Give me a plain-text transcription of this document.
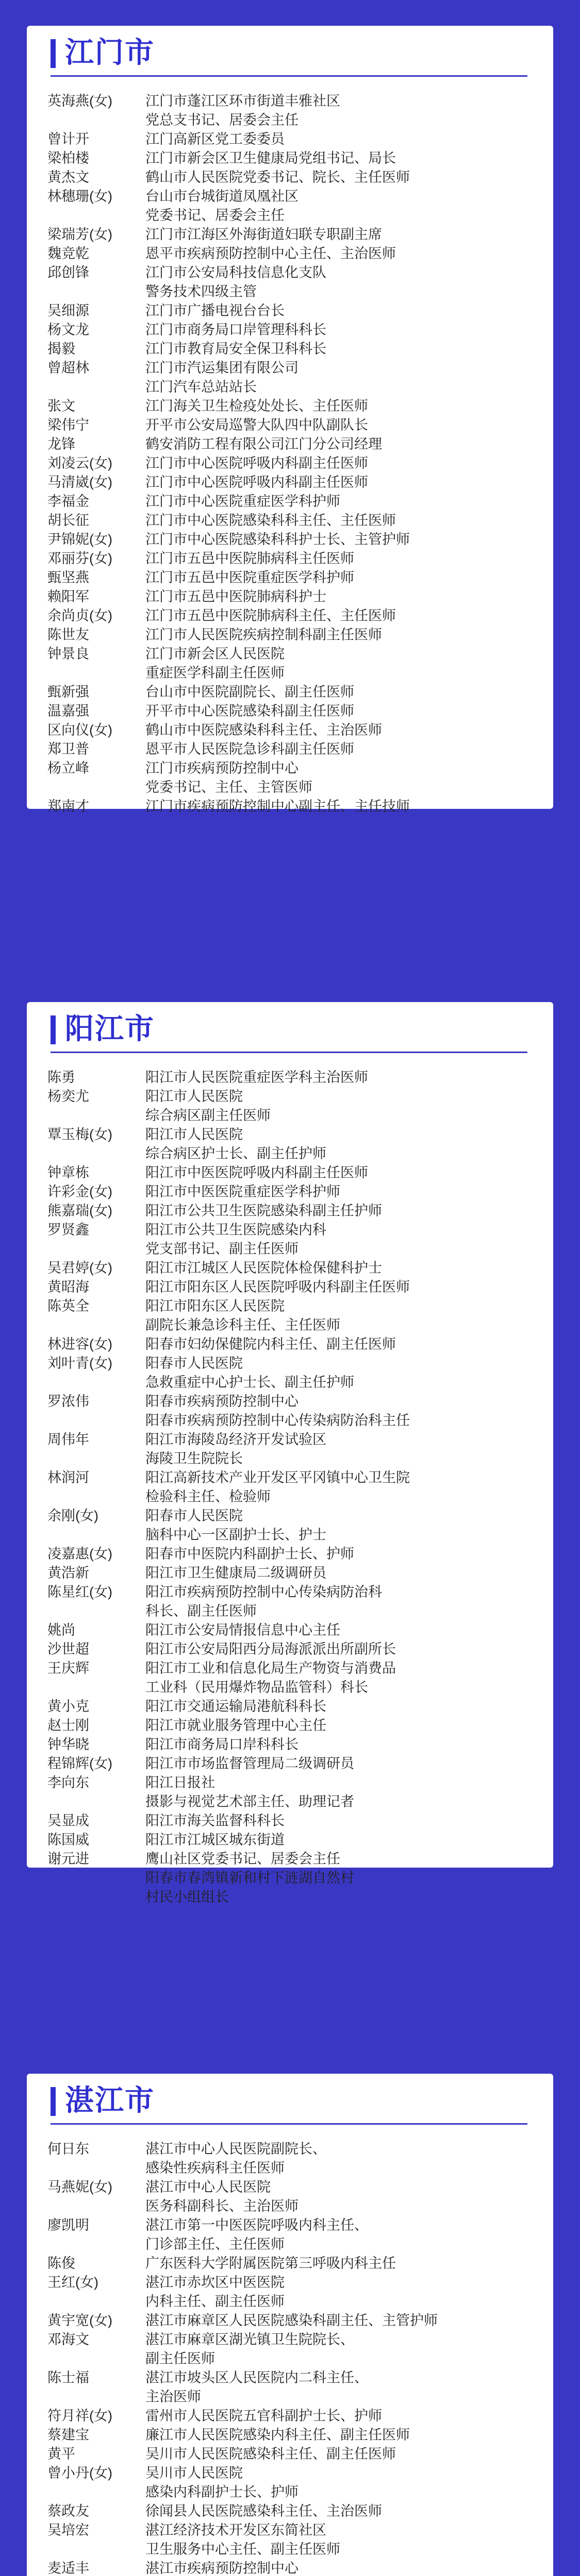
江门市
英海燕(女)	江门市蓬江区环市街道丰雅社区
党总支书记、居委会主任
曾计开	江门高新区党工委委员
梁柏楼	江门市新会区卫生健康局党组书记、局长
黄杰文	鹤山市人民医院党委书记、院长、主任医师
林穗珊(女)	台山市台城街道凤凰社区
党委书记、居委会主任
梁瑞芳(女)	江门市江海区外海街道妇联专职副主席
魏竞乾	恩平市疾病预防控制中心主任、主治医师
邱创锋	江门市公安局科技信息化支队
警务技术四级主管
吴细源	江门市广播电视台台长
杨文龙	江门市商务局口岸管理科科长
揭毅	江门市教育局安全保卫科科长
曾超林	江门市汽运集团有限公司
江门汽车总站站长
张文	江门海关卫生检疫处处长、主任医师
梁伟宁	开平市公安局巡警大队四中队副队长
龙锋	鹤安消防工程有限公司江门分公司经理
刘凌云(女)	江门市中心医院呼吸内科副主任医师
马清崴(女)	江门市中心医院呼吸内科副主任医师
李福金	江门市中心医院重症医学科护师
胡长征	江门市中心医院感染科科主任、主任医师
尹锦妮(女)	江门市中心医院感染科科护士长、主管护师
邓丽芬(女)	江门市五邑中医院肺病科主任医师
甄坚燕	江门市五邑中医院重症医学科护师
赖阳军	江门市五邑中医院肺病科护士
余尚贞(女)	江门市五邑中医院肺病科主任、主任医师
陈世友	江门市人民医院疾病控制科副主任医师
钟景良	江门市新会区人民医院
重症医学科副主任医师
甄新强	台山市中医院副院长、副主任医师
温嘉强	开平市中心医院感染科副主任医师
区向仪(女)	鹤山市中医院感染科科主任、主治医师
郑卫普	恩平市人民医院急诊科副主任医师
杨立峰	江门市疾病预防控制中心
党委书记、主任、主管医师
郑南才	江门市疾病预防控制中心副主任、主任技师
阳江市
陈勇	阳江市人民医院重症医学科主治医师
杨奕尤	阳江市人民医院
综合病区副主任医师
覃玉梅(女)	阳江市人民医院
综合病区护士长、副主任护师
钟章栋	阳江市中医医院呼吸内科副主任医师
许彩金(女)	阳江市中医医院重症医学科护师
熊嘉瑞(女)	阳江市公共卫生医院感染科副主任护师
罗贤鑫	阳江市公共卫生医院感染内科
党支部书记、副主任医师
吴君婷(女)	阳江市江城区人民医院体检保健科护士
黄昭海	阳江市阳东区人民医院呼吸内科副主任医师
陈英全	阳江市阳东区人民医院
副院长兼急诊科主任、主任医师
林进容(女)	阳春市妇幼保健院内科主任、副主任医师
刘叶青(女)	阳春市人民医院
急救重症中心护士长、副主任护师
罗浓伟	阳春市疾病预防控制中心
阳春市疾病预防控制中心传染病防治科主任
周伟年	阳江市海陵岛经济开发试验区
海陵卫生院院长
林润河	阳江高新技术产业开发区平冈镇中心卫生院
检验科主任、检验师
余刚(女)	阳春市人民医院
脑科中心一区副护士长、护士
凌嘉惠(女)	阳春市中医院内科副护士长、护师
黄浩新	阳江市卫生健康局二级调研员
陈星红(女)	阳江市疾病预防控制中心传染病防治科
科长、副主任医师
姚尚	阳江市公安局情报信息中心主任
沙世超	阳江市公安局阳西分局海派派出所副所长
王庆辉	阳江市工业和信息化局生产物资与消费品
工业科（民用爆炸物品监管科）科长
黄小克	阳江市交通运输局港航科科长
赵士刚	阳江市就业服务管理中心主任
钟华晓	阳江市商务局口岸科科长
程锦辉(女)	阳江市市场监督管理局二级调研员
李向东	阳江日报社
摄影与视觉艺术部主任、助理记者
吴显成	阳江市海关监督科科长
陈国威	阳江市江城区城东街道
谢元进	鹰山社区党委书记、居委会主任
阳春市春湾镇新和村下涟湖自然村
村民小组组长
湛江市
何日东	湛江市中心人民医院副院长、
感染性疾病科主任医师
马燕妮(女)	湛江市中心人民医院
医务科副科长、主治医师
廖凯明	湛江市第一中医医院呼吸内科主任、
门诊部主任、主任医师
陈俊	广东医科大学附属医院第三呼吸内科主任
王红(女)	湛江市赤坎区中医医院
内科主任、副主任医师
黄宇宽(女)	湛江市麻章区人民医院感染科副主任、主管护师
邓海文	湛江市麻章区湖光镇卫生院院长、
副主任医师
陈士福	湛江市坡头区人民医院内二科主任、
主治医师
符月祥(女)	雷州市人民医院五官科副护士长、护师
蔡建宝	廉江市人民医院感染内科主任、副主任医师
黄平	吴川市人民医院感染科主任、副主任医师
曾小丹(女)	吴川市人民医院
感染内科副护士长、护师
蔡政友	徐闻县人民医院感染科主任、主治医师
吴培宏	湛江经济技术开发区东简社区
卫生服务中心主任、副主任医师
麦适丰	湛江市疾病预防控制中心
